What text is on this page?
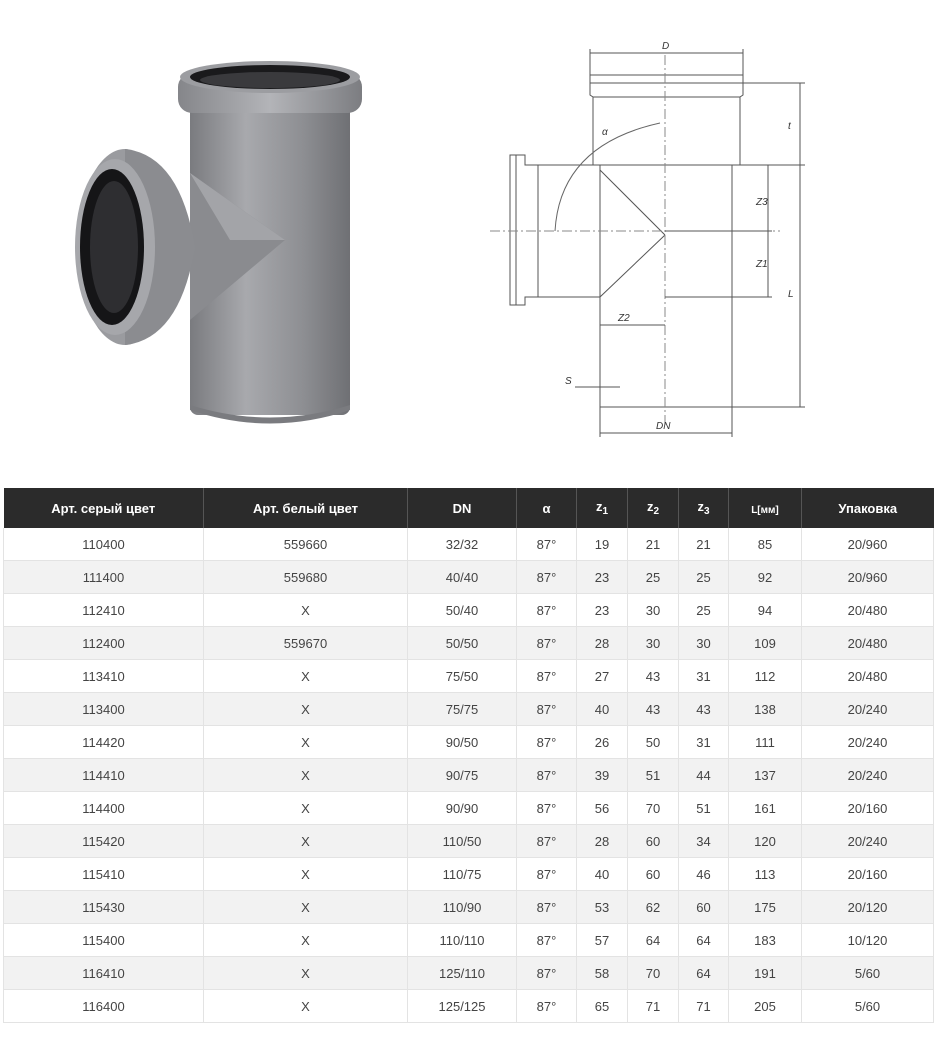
D
t
α
Z3
Z1
Z2
L
S
DN
Арт. серый цвет	Арт. белый цвет	DN	α	$z_1$	$z_2$	$z_3$	L[мм]	Упаковка
110400	559660	32/32	87°	19	21	21	85	20/960
111400	559680	40/40	87°	23	25	25	92	20/960
112410	X	50/40	87°	23	30	25	94	20/480
112400	559670	50/50	87°	28	30	30	109	20/480
113410	X	75/50	87°	27	43	31	112	20/480
113400	X	75/75	87°	40	43	43	138	20/240
114420	X	90/50	87°	26	50	31	111	20/240
114410	X	90/75	87°	39	51	44	137	20/240
114400	X	90/90	87°	56	70	51	161	20/160
115420	X	110/50	87°	28	60	34	120	20/240
115410	X	110/75	87°	40	60	46	113	20/160
115430	X	110/90	87°	53	62	60	175	20/120
115400	X	110/110	87°	57	64	64	183	10/120
116410	X	125/110	87°	58	70	64	191	5/60
116400	X	125/125	87°	65	71	71	205	5/60
